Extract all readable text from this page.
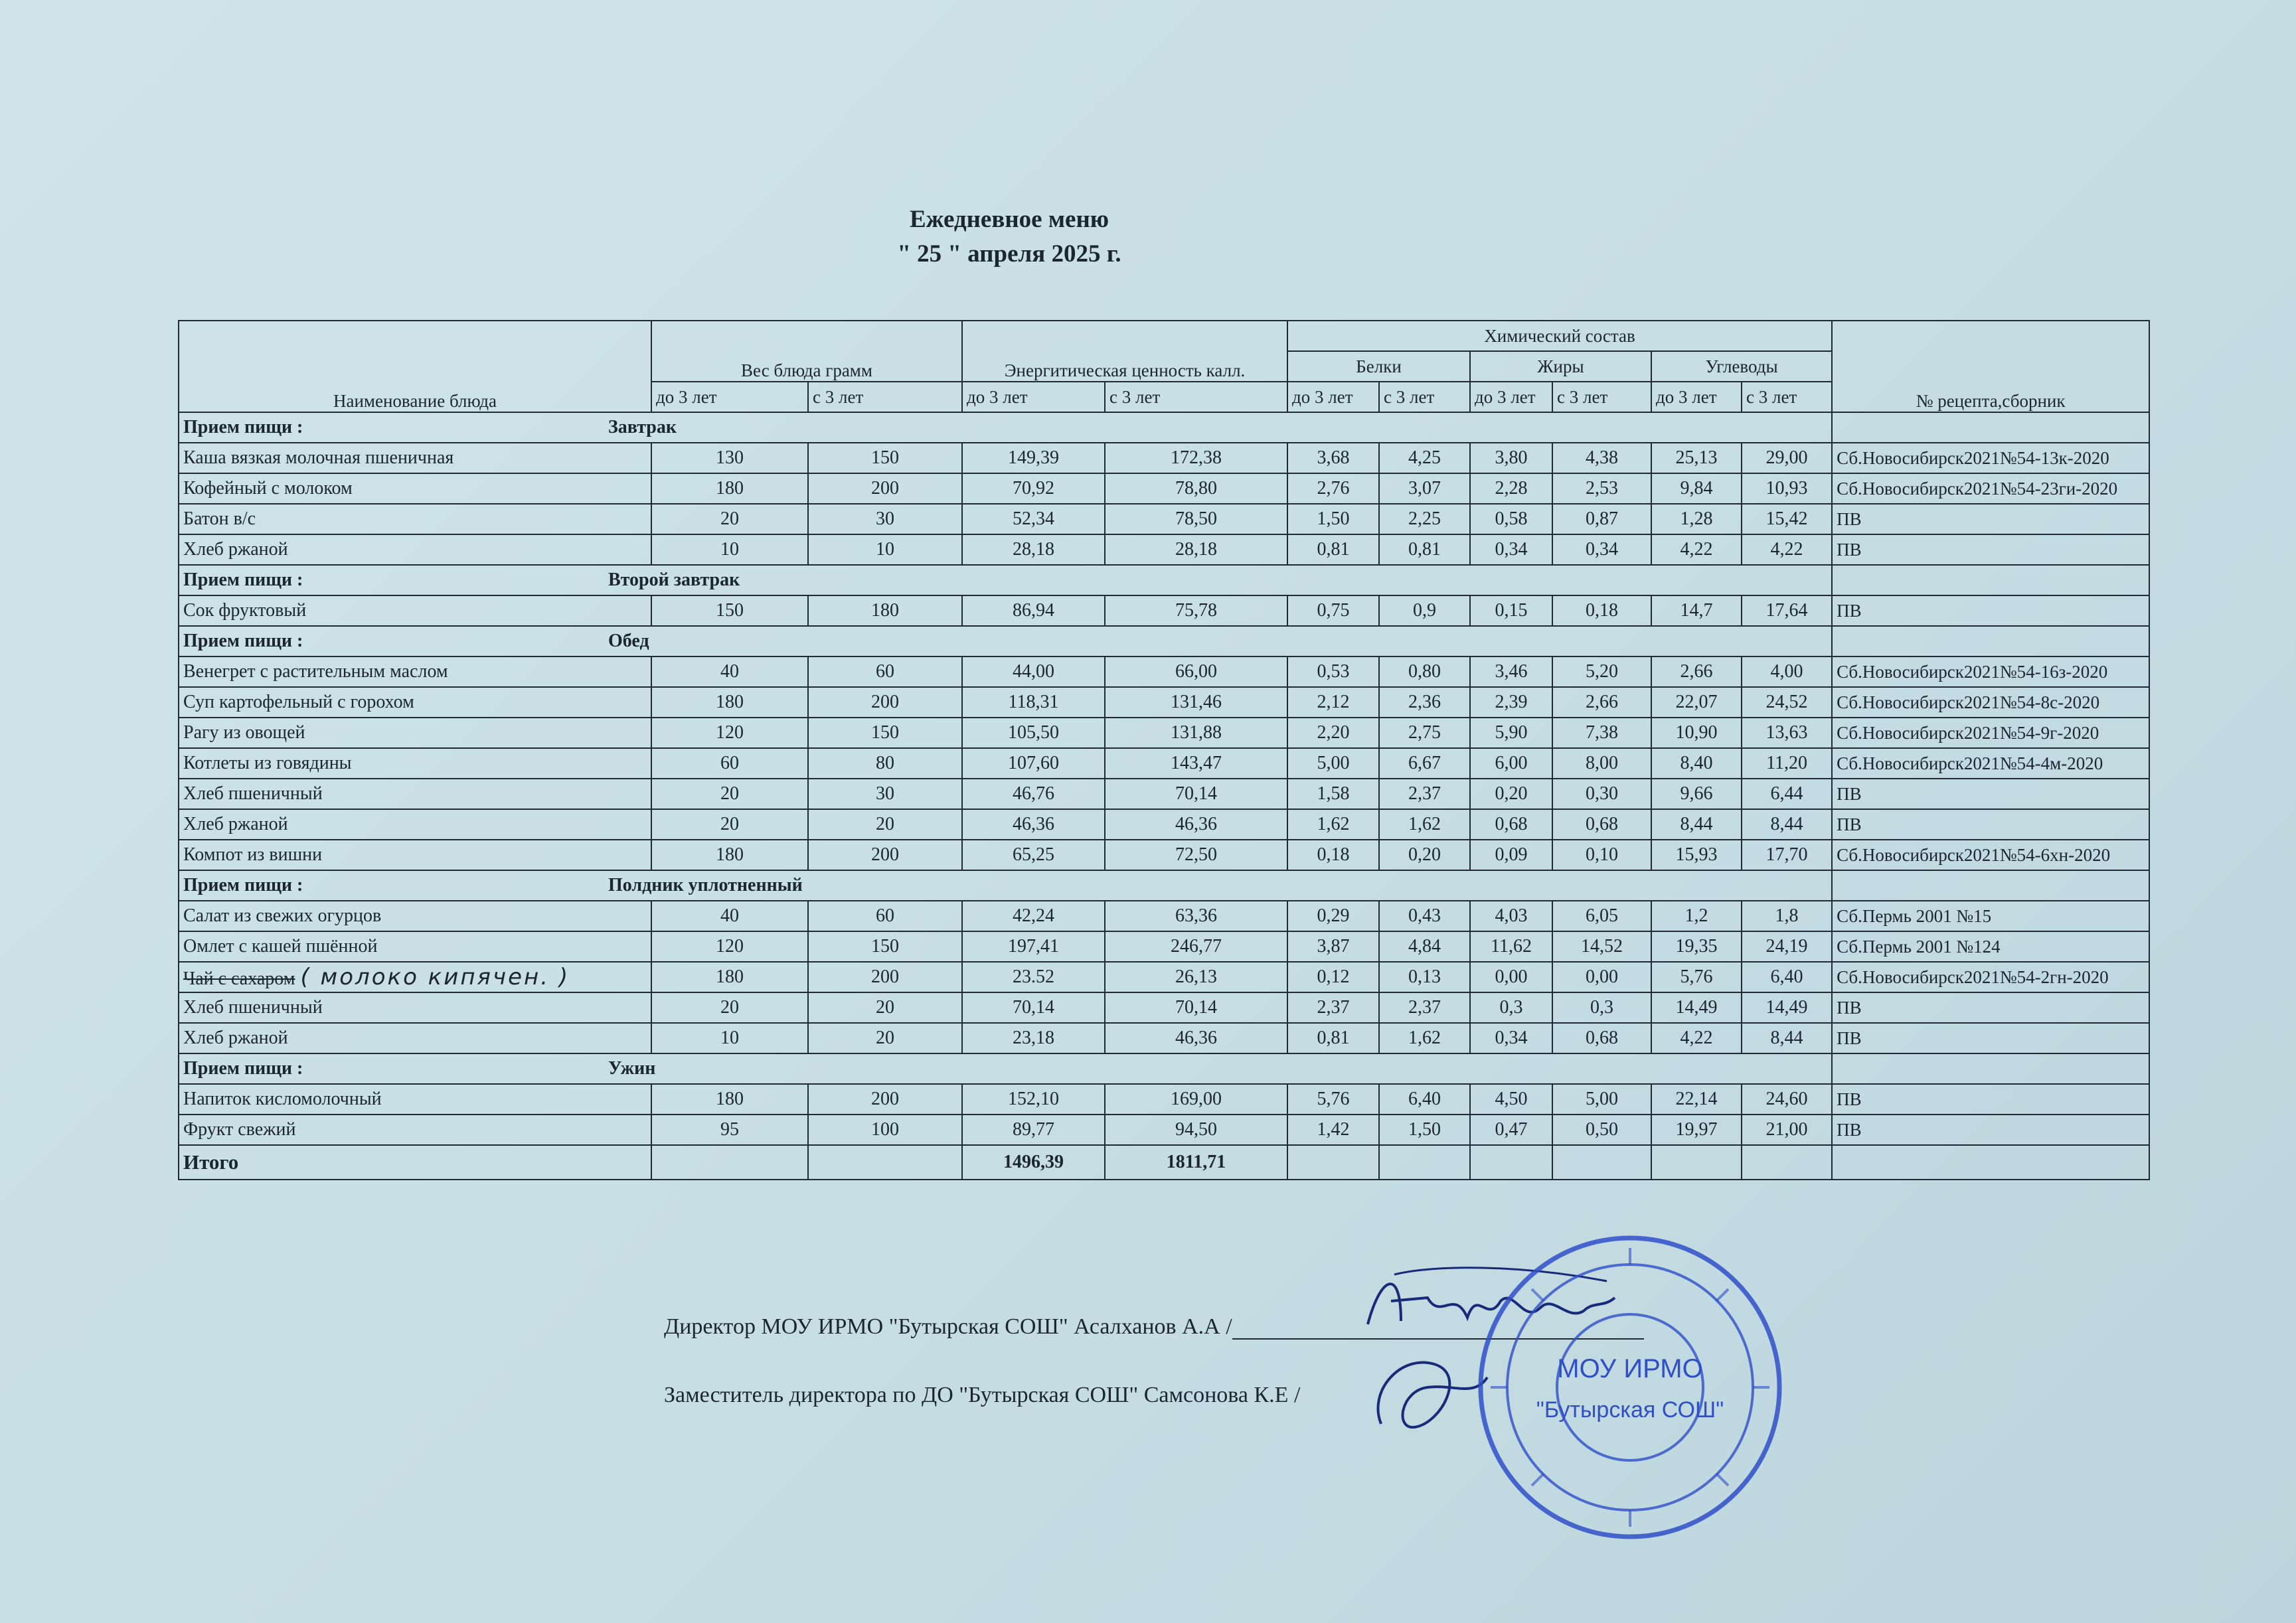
Ежедневное меню
" 25 " апреля 2025 г.
Наименование блюда	Вес блюда грамм		Энергитическая ценность калл.		Химический состав						№ рецепта,сборник
					Белки		Жиры		Углеводы		
	до 3 лет	с 3 лет	до 3 лет	с 3 лет	до 3 лет	с 3 лет	до 3 лет	с 3 лет	до 3 лет	с 3 лет	
Прием пищи : Завтрак											
Каша вязкая молочная пшеничная	130	150	149,39	172,38	3,68	4,25	3,80	4,38	25,13	29,00	Сб.Новосибирск2021№54-13к-2020
Кофейный с молоком	180	200	70,92	78,80	2,76	3,07	2,28	2,53	9,84	10,93	Сб.Новосибирск2021№54-23ги-2020
Батон в/с	20	30	52,34	78,50	1,50	2,25	0,58	0,87	1,28	15,42	ПВ
Хлеб ржаной	10	10	28,18	28,18	0,81	0,81	0,34	0,34	4,22	4,22	ПВ
Прием пищи : Второй завтрак											
Сок фруктовый	150	180	86,94	75,78	0,75	0,9	0,15	0,18	14,7	17,64	ПВ
Прием пищи : Обед											
Венегрет с растительным маслом	40	60	44,00	66,00	0,53	0,80	3,46	5,20	2,66	4,00	Сб.Новосибирск2021№54-16з-2020
Суп картофельный с горохом	180	200	118,31	131,46	2,12	2,36	2,39	2,66	22,07	24,52	Сб.Новосибирск2021№54-8с-2020
Рагу из овощей	120	150	105,50	131,88	2,20	2,75	5,90	7,38	10,90	13,63	Сб.Новосибирск2021№54-9г-2020
Котлеты из говядины	60	80	107,60	143,47	5,00	6,67	6,00	8,00	8,40	11,20	Сб.Новосибирск2021№54-4м-2020
Хлеб пшеничный	20	30	46,76	70,14	1,58	2,37	0,20	0,30	9,66	6,44	ПВ
Хлеб ржаной	20	20	46,36	46,36	1,62	1,62	0,68	0,68	8,44	8,44	ПВ
Компот из вишни	180	200	65,25	72,50	0,18	0,20	0,09	0,10	15,93	17,70	Сб.Новосибирск2021№54-6хн-2020
Прием пищи : Полдник уплотненный											
Салат из свежих огурцов	40	60	42,24	63,36	0,29	0,43	4,03	6,05	1,2	1,8	Сб.Пермь 2001 №15
Омлет с кашей пшённой	120	150	197,41	246,77	3,87	4,84	11,62	14,52	19,35	24,19	Сб.Пермь 2001 №124
Чай с сахаром ( молоко кипячен. )	180	200	23.52	26,13	0,12	0,13	0,00	0,00	5,76	6,40	Сб.Новосибирск2021№54-2гн-2020
Хлеб пшеничный	20	20	70,14	70,14	2,37	2,37	0,3	0,3	14,49	14,49	ПВ
Хлеб ржаной	10	20	23,18	46,36	0,81	1,62	0,34	0,68	4,22	8,44	ПВ
Прием пищи : Ужин											
Напиток кисломолочный	180	200	152,10	169,00	5,76	6,40	4,50	5,00	22,14	24,60	ПВ
Фрукт свежий	95	100	89,77	94,50	1,42	1,50	0,47	0,50	19,97	21,00	ПВ
Итого			1496,39	1811,71							
Директор МОУ ИРМО "Бутырская СОШ" Асалханов А.А /
Заместитель директора по ДО "Бутырская СОШ" Самсонова К.Е /
МОУ ИРМО
"Бутырская СОШ"
